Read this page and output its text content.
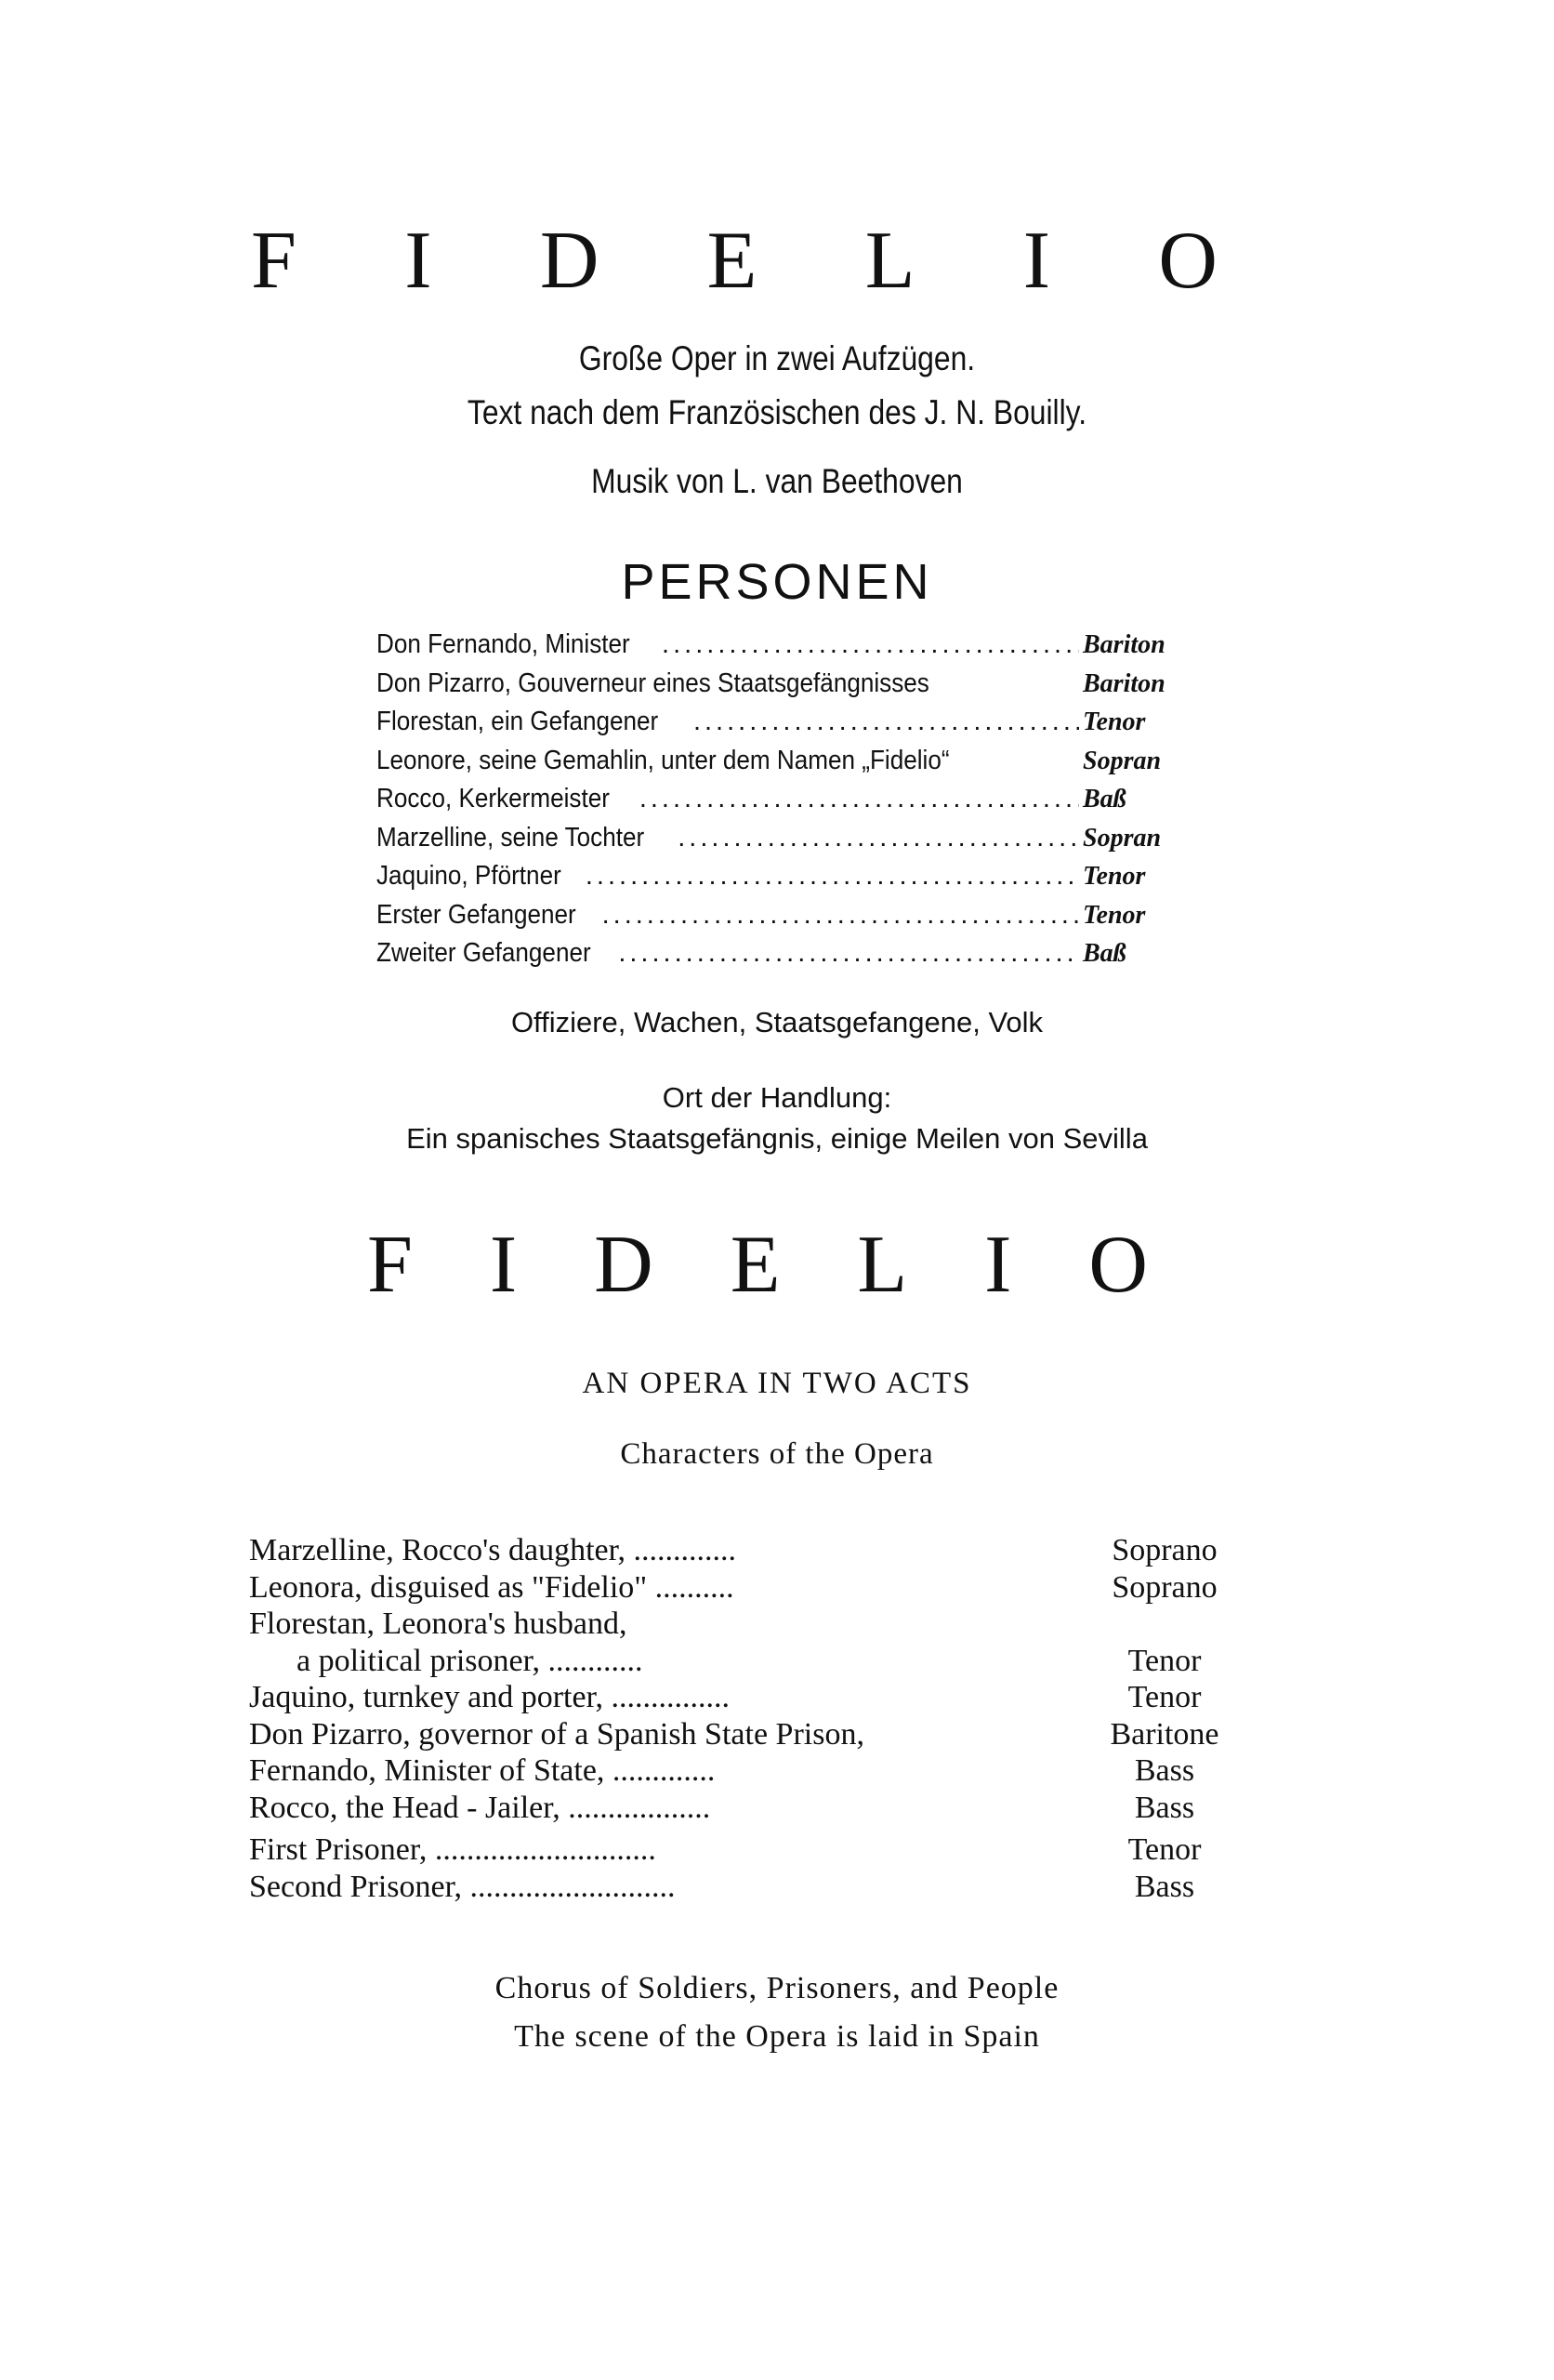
F I D E L I O
Große Oper in zwei Aufzügen.
Text nach dem Französischen des J. N. Bouilly.
Musik von L. van Beethoven
PERSONEN
Don Fernando, Minister .....	Bariton
Don Pizarro, Gouverneur eines Staatsgefängnisses	Bariton
Florestan, ein Gefangener .....	Tenor
Leonore, seine Gemahlin, unter dem Namen „Fidelio“	Sopran
Rocco, Kerkermeister .....	Baß
Marzelline, seine Tochter .....	Sopran
Jaquino, Pförtner .....	Tenor
Erster Gefangener .....	Tenor
Zweiter Gefangener .....	Baß
Offiziere, Wachen, Staatsgefangene, Volk
Ort der Handlung:
Ein spanisches Staatsgefängnis, einige Meilen von Sevilla
F I D E L I O
AN OPERA IN TWO ACTS
Characters of the Opera
Marzelline, Rocco's daughter, .............	Soprano
Leonora, disguised as "Fidelio" ..........	Soprano
Florestan, Leonora's husband,
a political prisoner, ............	Tenor
Jaquino, turnkey and porter, ...............	Tenor
Don Pizarro, governor of a Spanish State Prison,	Baritone
Fernando, Minister of State, .............	Bass
Rocco, the Head - Jailer, ..................	Bass
First Prisoner, ............................	Tenor
Second Prisoner, ..........................	Bass
Chorus of Soldiers, Prisoners, and People
The scene of the Opera is laid in Spain
